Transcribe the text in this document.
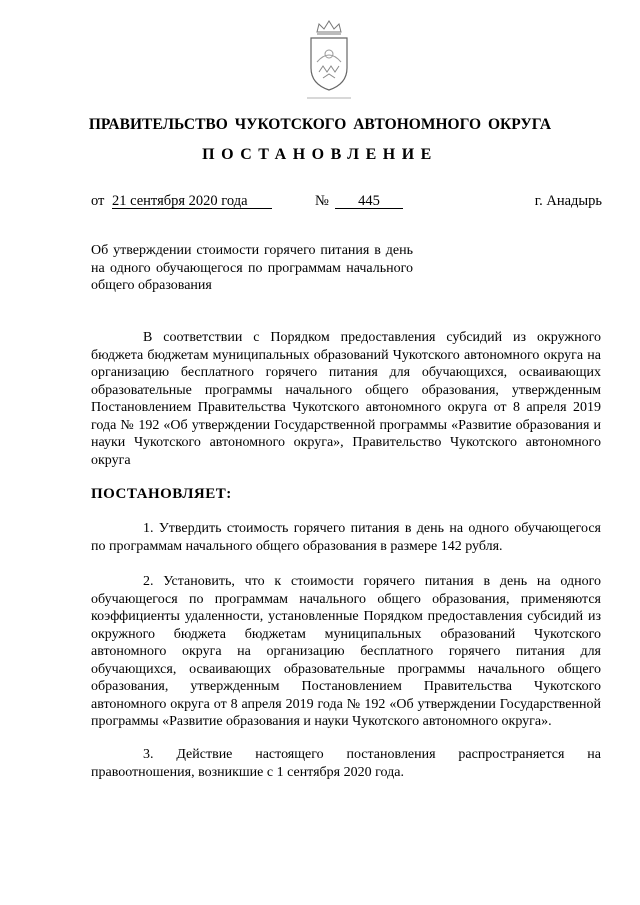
ПРАВИТЕЛЬСТВО ЧУКОТСКОГО АВТОНОМНОГО ОКРУГА
ПОСТАНОВЛЕНИЕ
от 21 сентября 2020 года	№	445	г. Анадырь
Об утверждении стоимости горячего питания в день на одного обучающегося по программам начального общего образования
В соответствии с Порядком предоставления субсидий из окружного бюджета бюджетам муниципальных образований Чукотского автономного округа на организацию бесплатного горячего питания для обучающихся, осваивающих образовательные программы начального общего образования, утвержденным Постановлением Правительства Чукотского автономного округа от 8 апреля 2019 года № 192 «Об утверждении Государственной программы «Развитие образования и науки Чукотского автономного округа», Правительство Чукотского автономного округа
ПОСТАНОВЛЯЕТ:
1. Утвердить стоимость горячего питания в день на одного обучающегося по программам начального общего образования в размере 142 рубля.
2. Установить, что к стоимости горячего питания в день на одного обучающегося по программам начального общего образования, применяются коэффициенты удаленности, установленные Порядком предоставления субсидий из окружного бюджета бюджетам муниципальных образований Чукотского автономного округа на организацию бесплатного горячего питания для обучающихся, осваивающих образовательные программы начального общего образования, утвержденным Постановлением Правительства Чукотского автономного округа от 8 апреля 2019 года № 192 «Об утверждении Государственной программы «Развитие образования и науки Чукотского автономного округа».
3. Действие настоящего постановления распространяется на правоотношения, возникшие с 1 сентября 2020 года.
